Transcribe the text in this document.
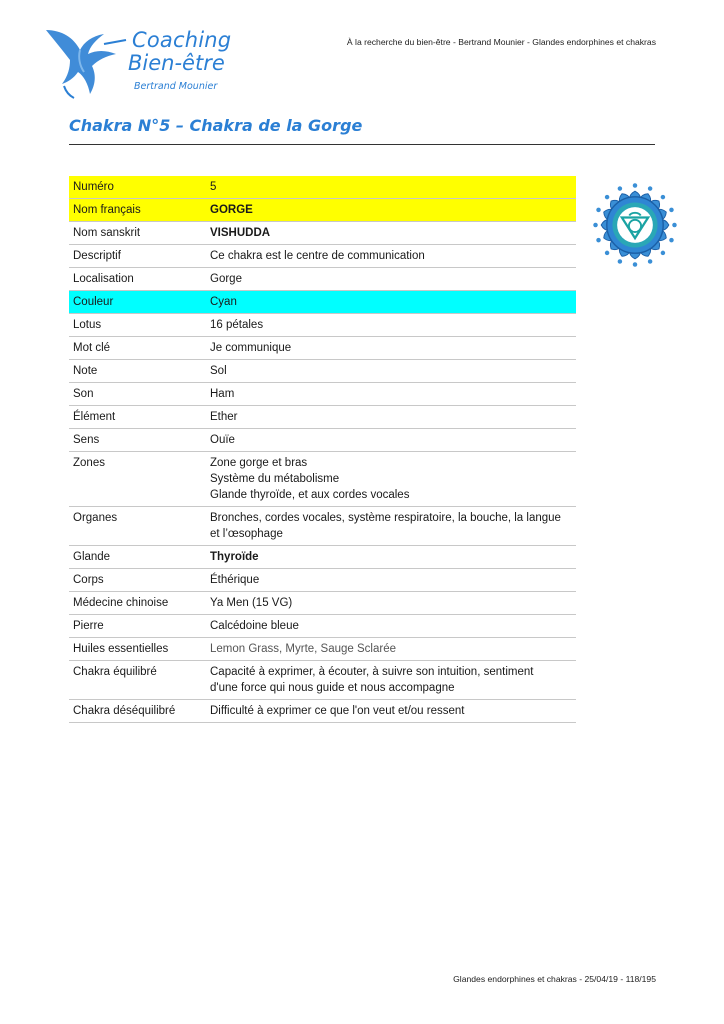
Coaching
Bien-être
Bertrand Mounier
À la recherche du bien-être - Bertrand Mounier - Glandes endorphines et chakras
Chakra N°5 – Chakra de la Gorge
Numéro	5

Nom français	GORGE

Nom sanskrit	VISHUDDA

Descriptif	Ce chakra est le centre de communication

Localisation	Gorge

Couleur	Cyan

Lotus	16 pétales

Mot clé	Je communique

Note	Sol

Son	Ham

Élément	Ether

Sens	Ouïe

Zones	Zone gorge et bras
Système du métabolisme
Glande thyroïde, et aux cordes vocales

Organes	Bronches, cordes vocales, système respiratoire, la bouche, la langue
et l’œsophage

Glande	Thyroïde

Corps	Éthérique

Médecine chinoise	Ya Men (15 VG)

Pierre	Calcédoine bleue

Huiles essentielles	Lemon Grass, Myrte, Sauge Sclarée

Chakra équilibré	Capacité à exprimer, à écouter, à suivre son intuition, sentiment
d'une force qui nous guide et nous accompagne

Chakra déséquilibré	Difficulté à exprimer ce que l'on veut et/ou ressent
Glandes endorphines et chakras - 25/04/19 - 118/195
